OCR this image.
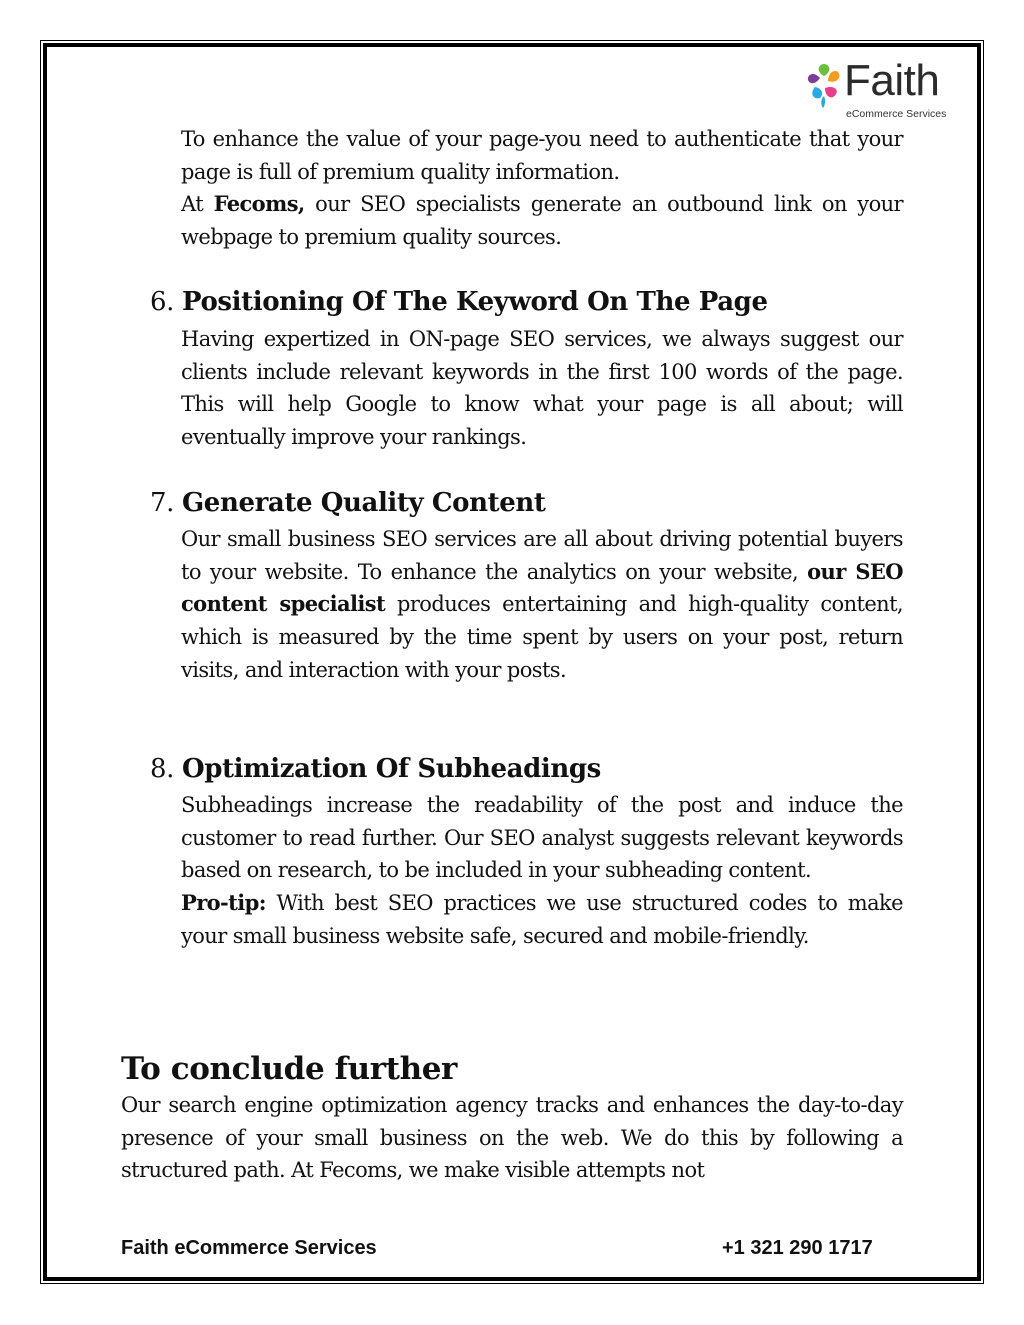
Faith
eCommerce Services
To enhance the value of your page-you need to authenticate that your page is full of premium quality information.
At Fecoms, our SEO specialists generate an outbound link on your webpage to premium quality sources.
6. Positioning Of The Keyword On The Page
Having expertized in ON-page SEO services, we always suggest our clients include relevant keywords in the first 100 words of the page. This will help Google to know what your page is all about; will eventually improve your rankings.
7. Generate Quality Content
Our small business SEO services are all about driving potential buyers to your website. To enhance the analytics on your website, our SEO content specialist produces entertaining and high-quality content, which is measured by the time spent by users on your post, return visits, and interaction with your posts.
8. Optimization Of Subheadings
Subheadings increase the readability of the post and induce the customer to read further. Our SEO analyst suggests relevant keywords based on research, to be included in your subheading content.
Pro-tip: With best SEO practices we use structured codes to make your small business website safe, secured and mobile-friendly.
To conclude further
Our search engine optimization agency tracks and enhances the day-to-day presence of your small business on the web. We do this by following a structured path. At Fecoms, we make visible attempts not
Faith eCommerce Services	+1 321 290 1717
